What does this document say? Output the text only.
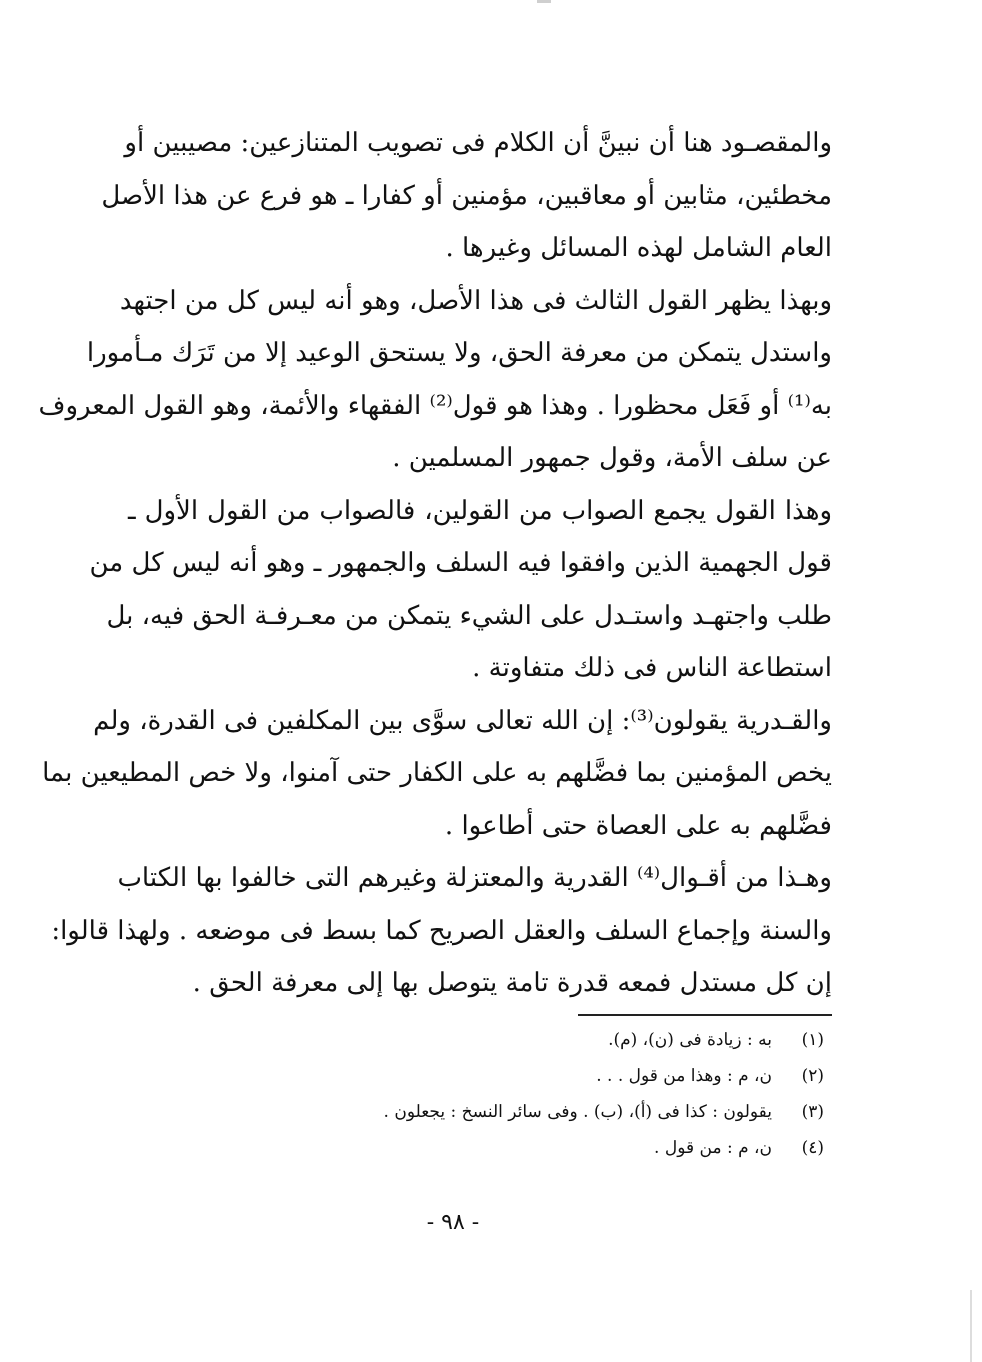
والمقصـود هنا أن نبينَّ أن الكلام فى تصويب المتنازعين: مصيبين أو
مخطئين، مثابين أو معاقبين، مؤمنين أو كفارا ـ هو فرع عن هذا الأصل
العام الشامل لهذه المسائل وغيرها .
وبهذا يظهر القول الثالث فى هذا الأصل، وهو أنه ليس كل من اجتهد
واستدل يتمكن من معرفة الحق، ولا يستحق الوعيد إلا من تَرَك مـأمورا
به⁽¹⁾ أو فَعَل محظورا . وهذا هو قول⁽²⁾ الفقهاء والأئمة، وهو القول المعروف
عن سلف الأمة، وقول جمهور المسلمين .
وهذا القول يجمع الصواب من القولين، فالصواب من القول الأول ـ
قول الجهمية الذين وافقوا فيه السلف والجمهور ـ وهو أنه ليس كل من
طلب واجتهـد واستـدل على الشيء يتمكن من معـرفـة الحق فيه، بل
استطاعة الناس فى ذلك متفاوتة .
والقـدرية يقولون⁽³⁾: إن الله تعالى سوَّى بين المكلفين فى القدرة، ولم
يخص المؤمنين بما فضَّلهم به على الكفار حتى آمنوا، ولا خص المطيعين بما
فضَّلهم به على العصاة حتى أطاعوا .
وهـذا من أقـوال⁽⁴⁾ القدرية والمعتزلة وغيرهم التى خالفوا بها الكتاب
والسنة وإجماع السلف والعقل الصريح كما بسط فى موضعه . ولهذا قالوا:
إن كل مستدل فمعه قدرة تامة يتوصل بها إلى معرفة الحق .
(١)به : زيادة فى (ن)، (م).
(٢)ن، م : وهذا من قول . . .
(٣)يقولون : كذا فى (أ)، (ب) . وفى سائر النسخ : يجعلون .
(٤)ن، م : من قول .
- ٩٨ -
